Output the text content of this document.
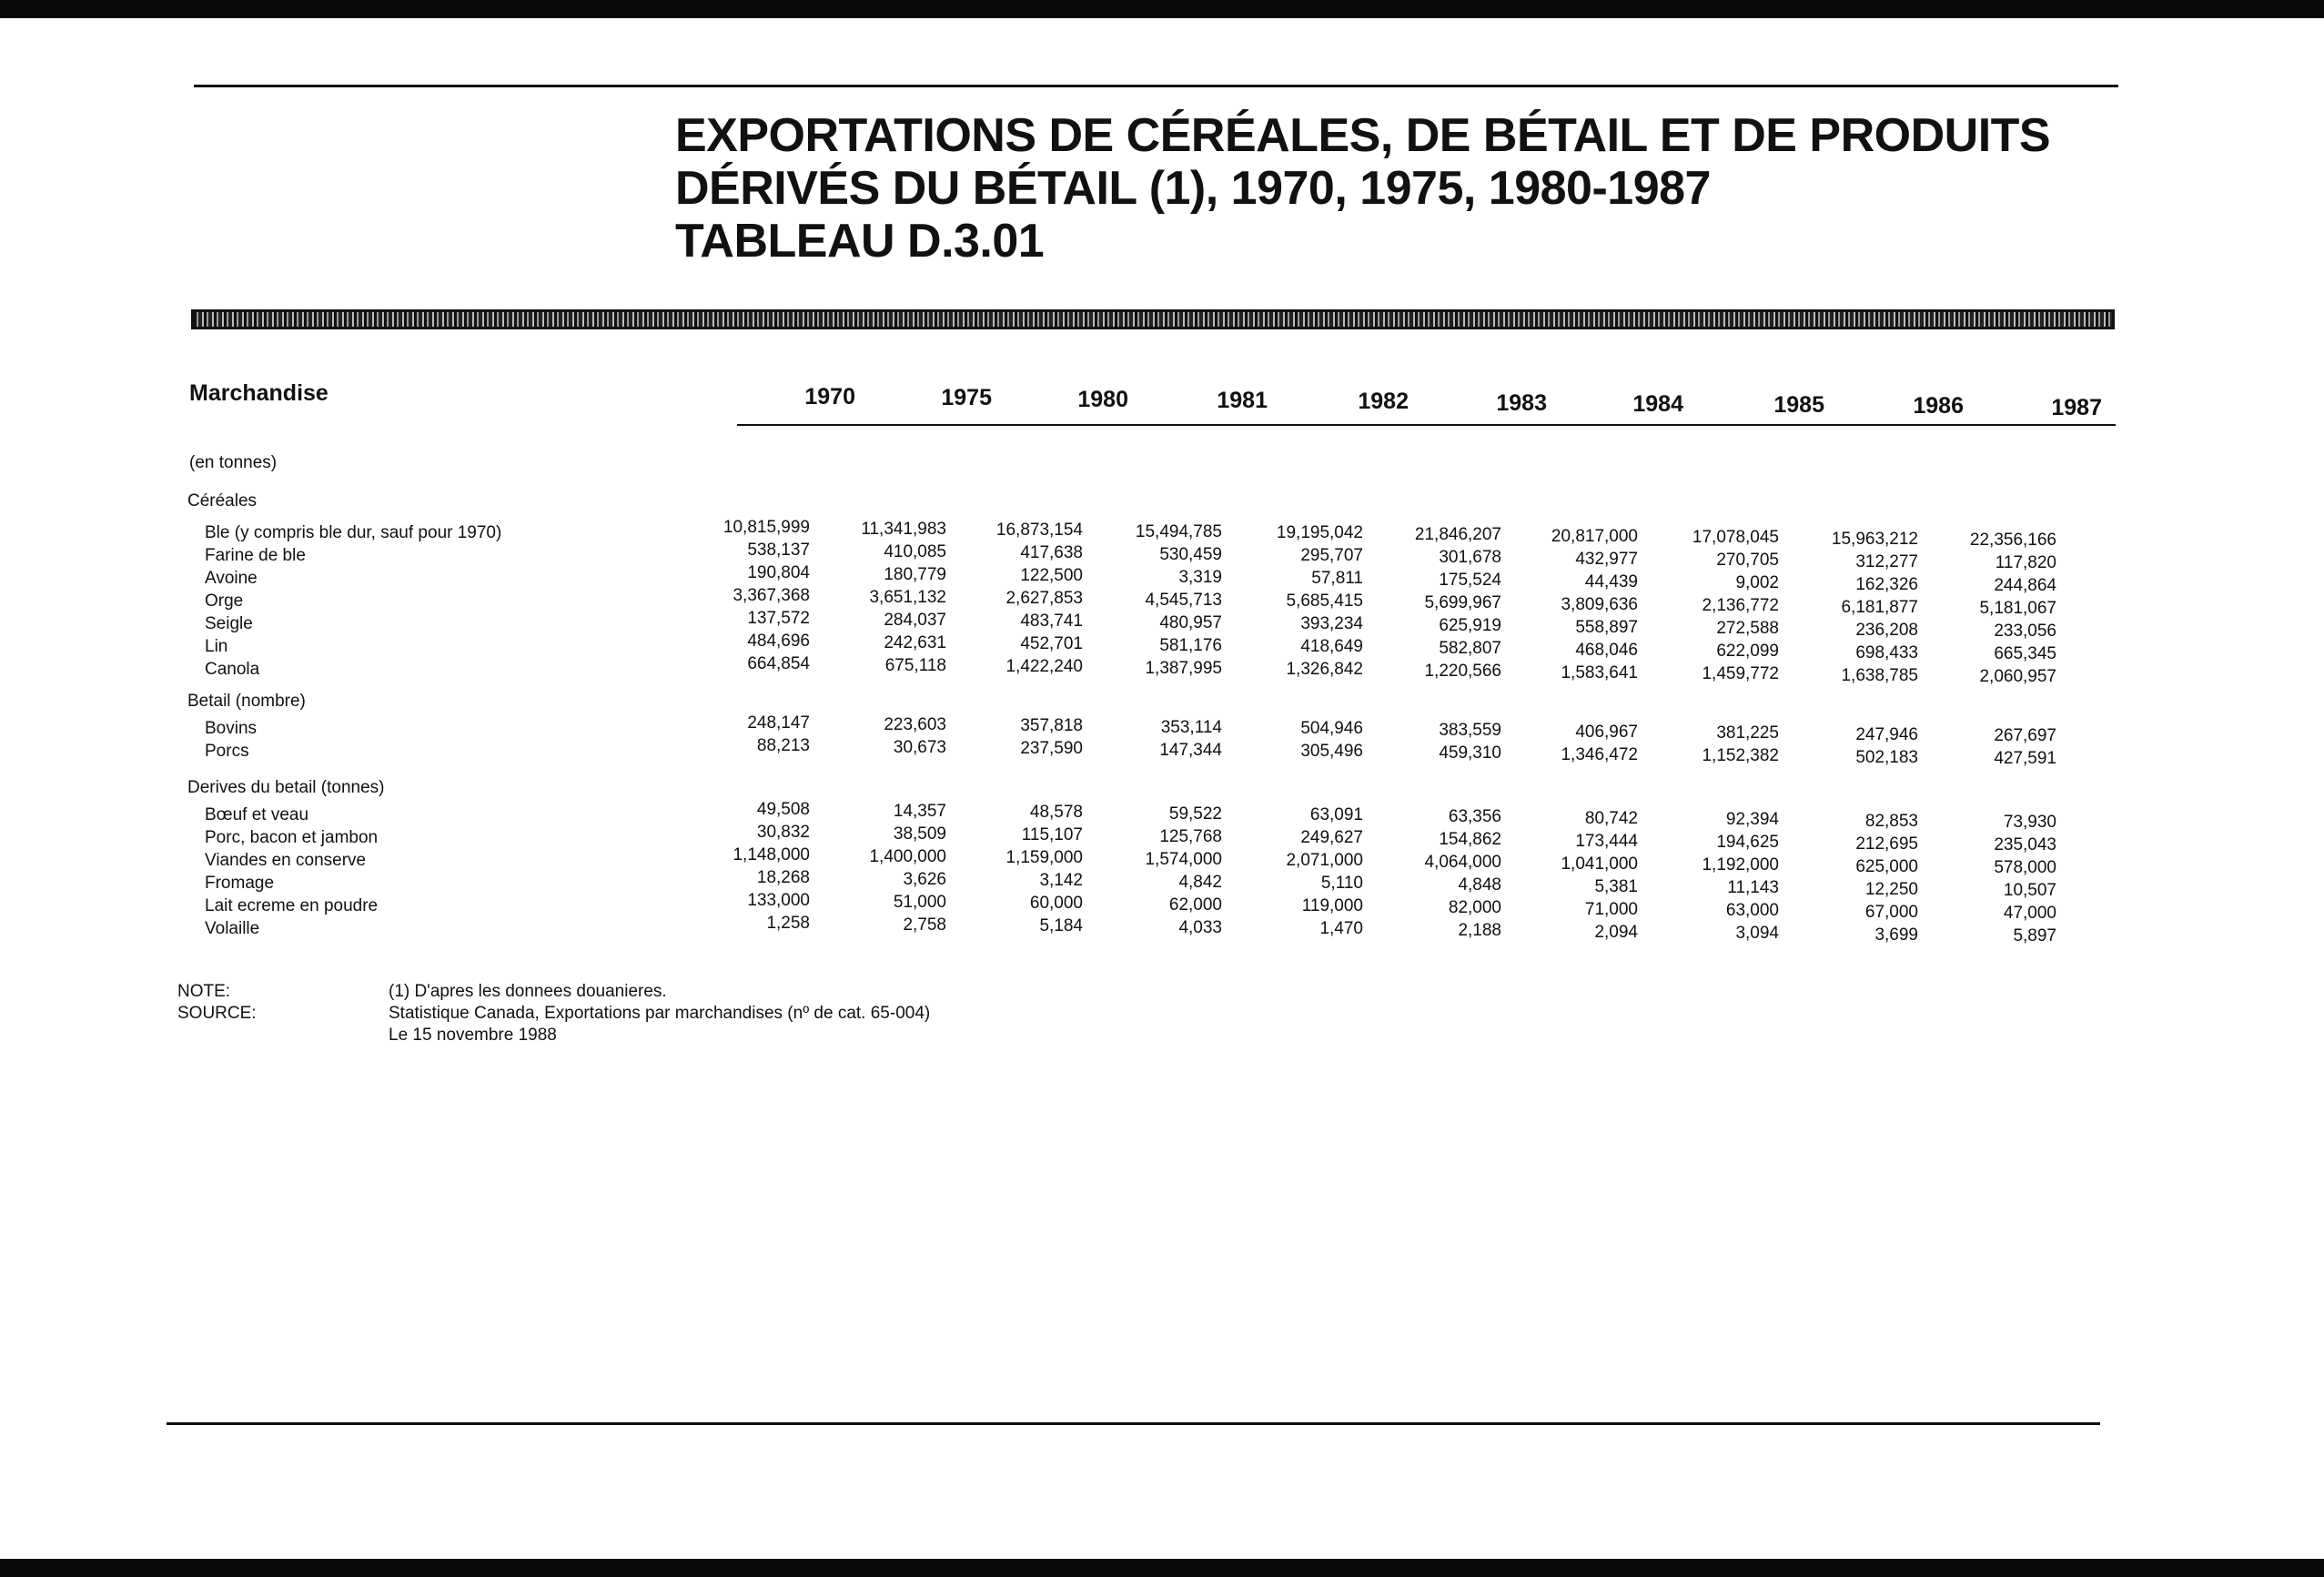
EXPORTATIONS DE CÉRÉALES, DE BÉTAIL ET DE PRODUITS
DÉRIVÉS DU BÉTAIL (1), 1970, 1975, 1980-1987
TABLEAU D.3.01
Marchandise	1970	1975	1980	1981	1982	1983	1984	1985	1986	1987
(en tonnes)
Céréales
Ble (y compris ble dur, sauf pour 1970)	10,815,999	11,341,983	16,873,154	15,494,785	19,195,042	21,846,207	20,817,000	17,078,045	15,963,212	22,356,166
Farine de ble	538,137	410,085	417,638	530,459	295,707	301,678	432,977	270,705	312,277	117,820
Avoine	190,804	180,779	122,500	3,319	57,811	175,524	44,439	9,002	162,326	244,864
Orge	3,367,368	3,651,132	2,627,853	4,545,713	5,685,415	5,699,967	3,809,636	2,136,772	6,181,877	5,181,067
Seigle	137,572	284,037	483,741	480,957	393,234	625,919	558,897	272,588	236,208	233,056
Lin	484,696	242,631	452,701	581,176	418,649	582,807	468,046	622,099	698,433	665,345
Canola	664,854	675,118	1,422,240	1,387,995	1,326,842	1,220,566	1,583,641	1,459,772	1,638,785	2,060,957
Betail (nombre)
Bovins	248,147	223,603	357,818	353,114	504,946	383,559	406,967	381,225	247,946	267,697
Porcs	88,213	30,673	237,590	147,344	305,496	459,310	1,346,472	1,152,382	502,183	427,591
Derives du betail (tonnes)
Bœuf et veau	49,508	14,357	48,578	59,522	63,091	63,356	80,742	92,394	82,853	73,930
Porc, bacon et jambon	30,832	38,509	115,107	125,768	249,627	154,862	173,444	194,625	212,695	235,043
Viandes en conserve	1,148,000	1,400,000	1,159,000	1,574,000	2,071,000	4,064,000	1,041,000	1,192,000	625,000	578,000
Fromage	18,268	3,626	3,142	4,842	5,110	4,848	5,381	11,143	12,250	10,507
Lait ecreme en poudre	133,000	51,000	60,000	62,000	119,000	82,000	71,000	63,000	67,000	47,000
Volaille	1,258	2,758	5,184	4,033	1,470	2,188	2,094	3,094	3,699	5,897
NOTE:	(1) D'apres les donnees douanieres.
SOURCE:	Statistique Canada, Exportations par marchandises (nº de cat. 65-004)
Le 15 novembre 1988
